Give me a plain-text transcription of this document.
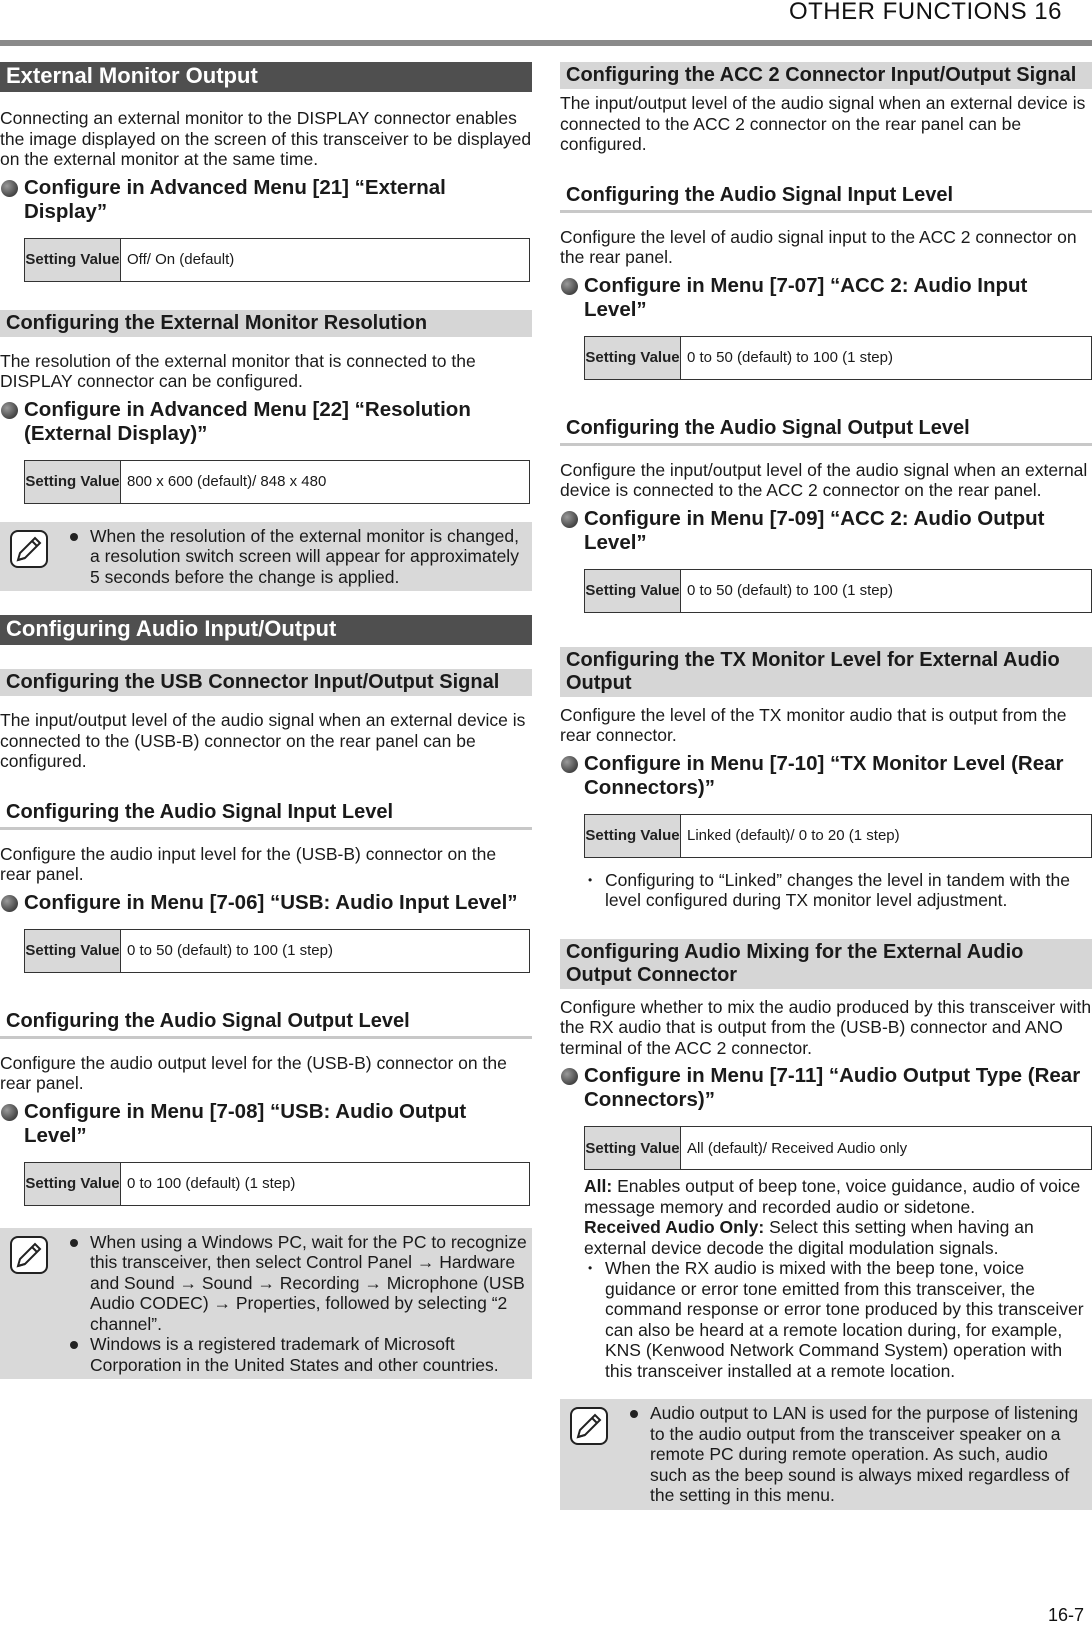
OTHER FUNCTIONS 16
External Monitor Output

Connecting an external monitor to the DISPLAY connector enables the image displayed on the screen of this transceiver to be displayed on the external monitor at the same time.

Configure in Advanced Menu [21] “External Display”
Setting Value Off/ On (default)
Configuring the External Monitor Resolution

The resolution of the external monitor that is connected to the DISPLAY connector can be configured.

Configure in Advanced Menu [22] “Resolution (External Display)”
Setting Value 800 x 600 (default)/ 848 x 480
When the resolution of the external monitor is changed, a resolution switch screen will appear for approximately 5 seconds before the change is applied.
Configuring Audio Input/Output
Configuring the USB Connector Input/Output Signal

The input/output level of the audio signal when an external device is connected to the (USB-B) connector on the rear panel can be configured.

Configuring the Audio Signal Input Level

Configure the audio input level for the (USB-B) connector on the rear panel.

Configure in Menu [7-06] “USB: Audio Input Level”
Setting Value 0 to 50 (default) to 100 (1 step)
Configuring the Audio Signal Output Level

Configure the audio output level for the (USB-B) connector on the rear panel.

Configure in Menu [7-08] “USB: Audio Output Level”
Setting Value 0 to 100 (default) (1 step)
When using a Windows PC, wait for the PC to recognize this transceiver, then select Control Panel → Hardware and Sound → Sound → Recording → Microphone (USB Audio CODEC) → Properties, followed by selecting “2 channel”.
Windows is a registered trademark of Microsoft Corporation in the United States and other countries.
Configuring the ACC 2 Connector Input/Output Signal

The input/output level of the audio signal when an external device is connected to the ACC 2 connector on the rear panel can be configured.

Configuring the Audio Signal Input Level

Configure the level of audio signal input to the ACC 2 connector on the rear panel.

Configure in Menu [7-07] “ACC 2: Audio Input Level”
Setting Value 0 to 50 (default) to 100 (1 step)
Configuring the Audio Signal Output Level

Configure the input/output level of the audio signal when an external device is connected to the ACC 2 connector on the rear panel.

Configure in Menu [7-09] “ACC 2: Audio Output Level”
Setting Value 0 to 50 (default) to 100 (1 step)
Configuring the TX Monitor Level for External Audio Output

Configure the level of the TX monitor audio that is output from the rear connector.

Configure in Menu [7-10] “TX Monitor Level (Rear Connectors)”
Setting Value Linked (default)/ 0 to 20 (1 step)

• Configuring to “Linked” changes the level in tandem with the level configured during TX monitor level adjustment.

Configuring Audio Mixing for the External Audio Output Connector

Configure whether to mix the audio produced by this transceiver with the RX audio that is output from the (USB-B) connector and ANO terminal of the ACC 2 connector.

Configure in Menu [7-11] “Audio Output Type (Rear Connectors)”
Setting Value All (default)/ Received Audio only

All: Enables output of beep tone, voice guidance, audio of voice message memory and recorded audio or sidetone.

Received Audio Only: Select this setting when having an external device decode the digital modulation signals.

• When the RX audio is mixed with the beep tone, voice guidance or error tone emitted from this transceiver, the command response or error tone produced by this transceiver can also be heard at a remote location during, for example, KNS (Kenwood Network Command System) operation with this transceiver installed at a remote location.

Audio output to LAN is used for the purpose of listening to the audio output from the transceiver speaker on a remote PC during remote operation. As such, audio such as the beep sound is always mixed regardless of the setting in this menu.
16-7
